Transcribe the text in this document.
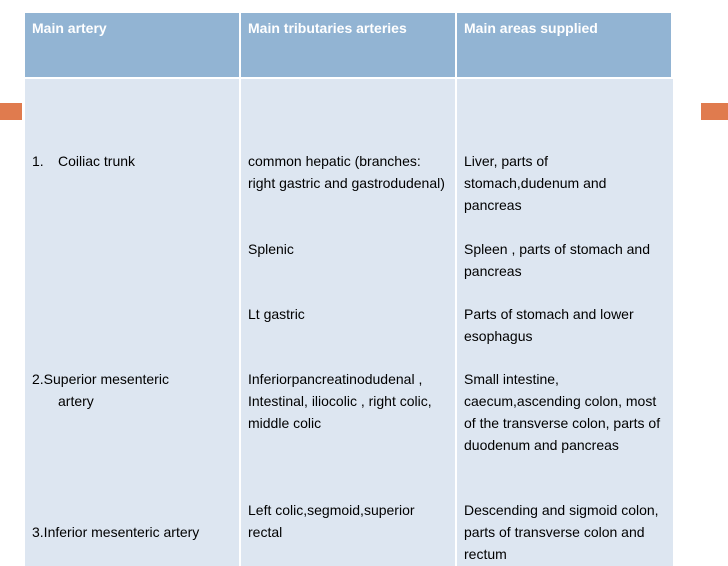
Main artery	Main tributaries arteries	Main areas supplied

1. Coiliac trunk

2.Superior mesenteric
artery

3.Inferior mesenteric artery

common hepatic (branches: right gastric and gastrodudenal)

Splenic

Lt gastric

Inferiorpancreatinodudenal , Intestinal, iliocolic , right colic, middle colic

Left colic,segmoid,superior rectal

Liver, parts of stomach,dudenum and pancreas

Spleen , parts of stomach and pancreas

Parts of stomach and lower esophagus

Small intestine, caecum,ascending colon, most of the transverse colon, parts of duodenum and pancreas

Descending and sigmoid colon, parts of transverse colon and rectum
